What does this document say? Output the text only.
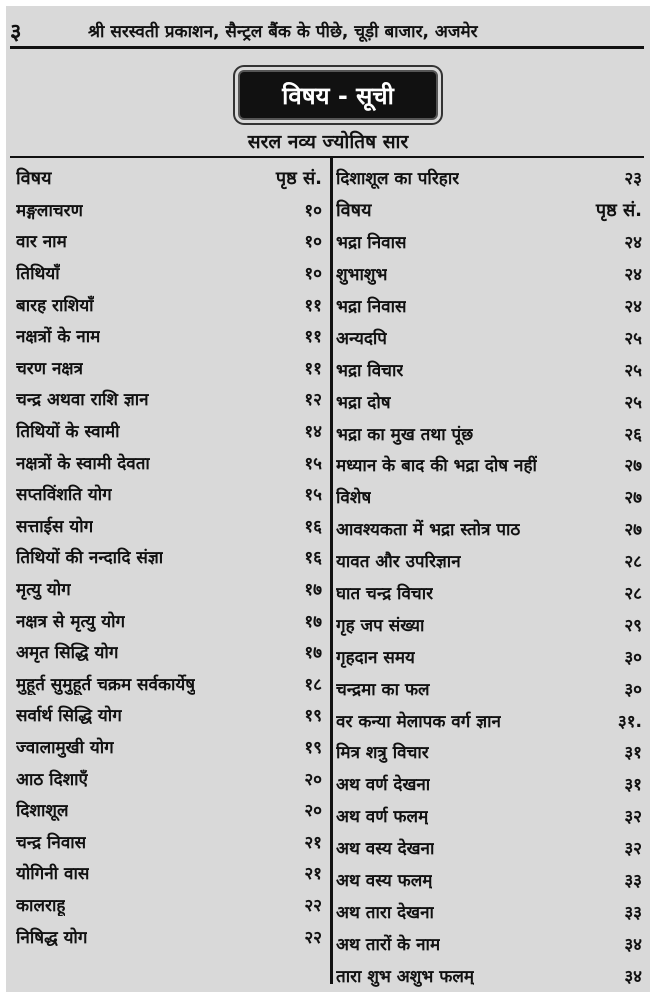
३	श्री सरस्वती प्रकाशन, सैन्ट्रल बैंक के पीछे, चूड़ी बाजार, अजमेर
विषय - सूची
सरल नव्य ज्योतिष सार
विषय	पृष्ठ सं.
मङ्गलाचरण	१०
वार नाम	१०
तिथियाँ	१०
बारह राशियाँ	११
नक्षत्रों के नाम	११
चरण नक्षत्र	११
चन्द्र अथवा राशि ज्ञान	१२
तिथियों के स्वामी	१४
नक्षत्रों के स्वामी देवता	१५
सप्तविंशति योग	१५
सत्ताईस योग	१६
तिथियों की नन्दादि संज्ञा	१६
मृत्यु योग	१७
नक्षत्र से मृत्यु योग	१७
अमृत सिद्धि योग	१७
मुहूर्त सुमुहूर्त चक्रम सर्वकार्येषु	१८
सर्वार्थ सिद्धि योग	१९
ज्वालामुखी योग	१९
आठ दिशाएँ	२०
दिशाशूल	२०
चन्द्र निवास	२१
योगिनी वास	२१
कालराहू	२२
निषिद्ध योग	२२
दिशाशूल का परिहार	२३
विषय	पृष्ठ सं.
भद्रा निवास	२४
शुभाशुभ	२४
भद्रा निवास	२४
अन्यदपि	२५
भद्रा विचार	२५
भद्रा दोष	२५
भद्रा का मुख तथा पूंछ	२६
मध्यान के बाद की भद्रा दोष नहीं	२७
विशेष	२७
आवश्यकता में भद्रा स्तोत्र पाठ	२७
यावत और उपरिज्ञान	२८
घात चन्द्र विचार	२८
गृह जप संख्या	२९
गृहदान समय	३०
चन्द्रमा का फल	३०
वर कन्या मेलापक वर्ग ज्ञान	३१.
मित्र शत्रु विचार	३१
अथ वर्ण देखना	३१
अथ वर्ण फलम्	३२
अथ वस्य देखना	३२
अथ वस्य फलम्	३३
अथ तारा देखना	३३
अथ तारों के नाम	३४
तारा शुभ अशुभ फलम्	३४
